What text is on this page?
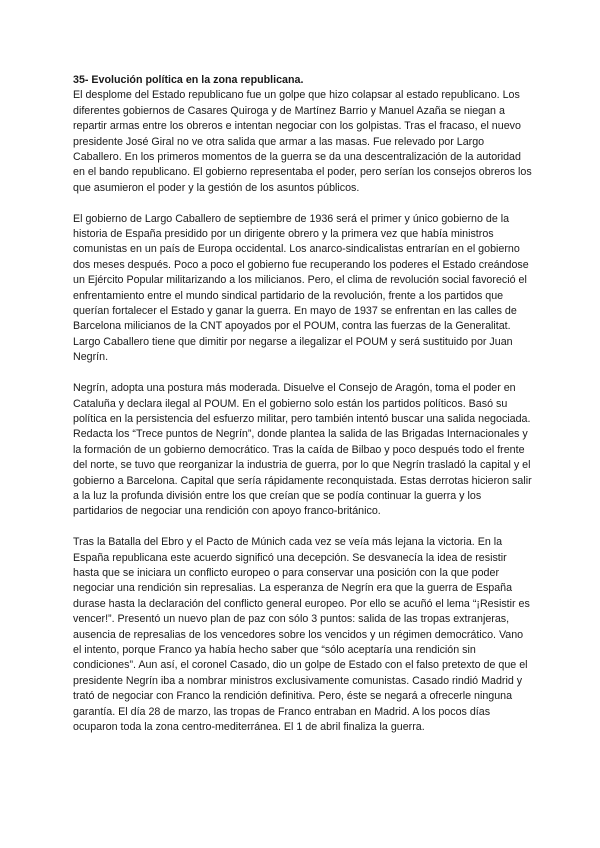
35- Evolución política en la zona republicana.

El desplome del Estado republicano fue un golpe que hizo colapsar al estado republicano. Los diferentes gobiernos de Casares Quiroga y de Martínez Barrio y Manuel Azaña se niegan a repartir armas entre los obreros e intentan negociar con los golpistas. Tras el fracaso, el nuevo presidente José Giral no ve otra salida que armar a las masas. Fue relevado por Largo Caballero. En los primeros momentos de la guerra se da una descentralización de la autoridad en el bando republicano. El gobierno representaba el poder, pero serían los consejos obreros los que asumieron el poder y la gestión de los asuntos públicos.

El gobierno de Largo Caballero de septiembre de 1936 será el primer y único gobierno de la historia de España presidido por un dirigente obrero y la primera vez que había ministros comunistas en un país de Europa occidental. Los anarco-sindicalistas entrarían en el gobierno dos meses después. Poco a poco el gobierno fue recuperando los poderes el Estado creándose un Ejército Popular militarizando a los milicianos. Pero, el clima de revolución social favoreció el enfrentamiento entre el mundo sindical partidario de la revolución, frente a los partidos que querían fortalecer el Estado y ganar la guerra. En mayo de 1937 se enfrentan en las calles de Barcelona milicianos de la CNT apoyados por el POUM, contra las fuerzas de la Generalitat. Largo Caballero tiene que dimitir por negarse a ilegalizar el POUM y será sustituido por Juan Negrín.

Negrín, adopta una postura más moderada. Disuelve el Consejo de Aragón, toma el poder en Cataluña y declara ilegal al POUM. En el gobierno solo están los partidos políticos. Basó su política en la persistencia del esfuerzo militar, pero también intentó buscar una salida negociada. Redacta los “Trece puntos de Negrín”, donde plantea la salida de las Brigadas Internacionales y la formación de un gobierno democrático. Tras la caída de Bilbao y poco después todo el frente del norte, se tuvo que reorganizar la industria de guerra, por lo que Negrín trasladó la capital y el gobierno a Barcelona. Capital que sería rápidamente reconquistada. Estas derrotas hicieron salir a la luz la profunda división entre los que creían que se podía continuar la guerra y los partidarios de negociar una rendición con apoyo franco-británico.

Tras la Batalla del Ebro y el Pacto de Múnich cada vez se veía más lejana la victoria. En la España republicana este acuerdo significó una decepción. Se desvanecía la idea de resistir hasta que se iniciara un conflicto europeo o para conservar una posición con la que poder negociar una rendición sin represalias. La esperanza de Negrín era que la guerra de España durase hasta la declaración del conflicto general europeo. Por ello se acuñó el lema “¡Resistir es vencer!”. Presentó un nuevo plan de paz con sólo 3 puntos: salida de las tropas extranjeras, ausencia de represalias de los vencedores sobre los vencidos y un régimen democrático. Vano el intento, porque Franco ya había hecho saber que “sólo aceptaría una rendición sin condiciones”. Aun así, el coronel Casado, dio un golpe de Estado con el falso pretexto de que el presidente Negrín iba a nombrar ministros exclusivamente comunistas. Casado rindió Madrid y trató de negociar con Franco la rendición definitiva. Pero, éste se negará a ofrecerle ninguna garantía. El día 28 de marzo, las tropas de Franco entraban en Madrid. A los pocos días ocuparon toda la zona centro-mediterránea. El 1 de abril finaliza la guerra.
